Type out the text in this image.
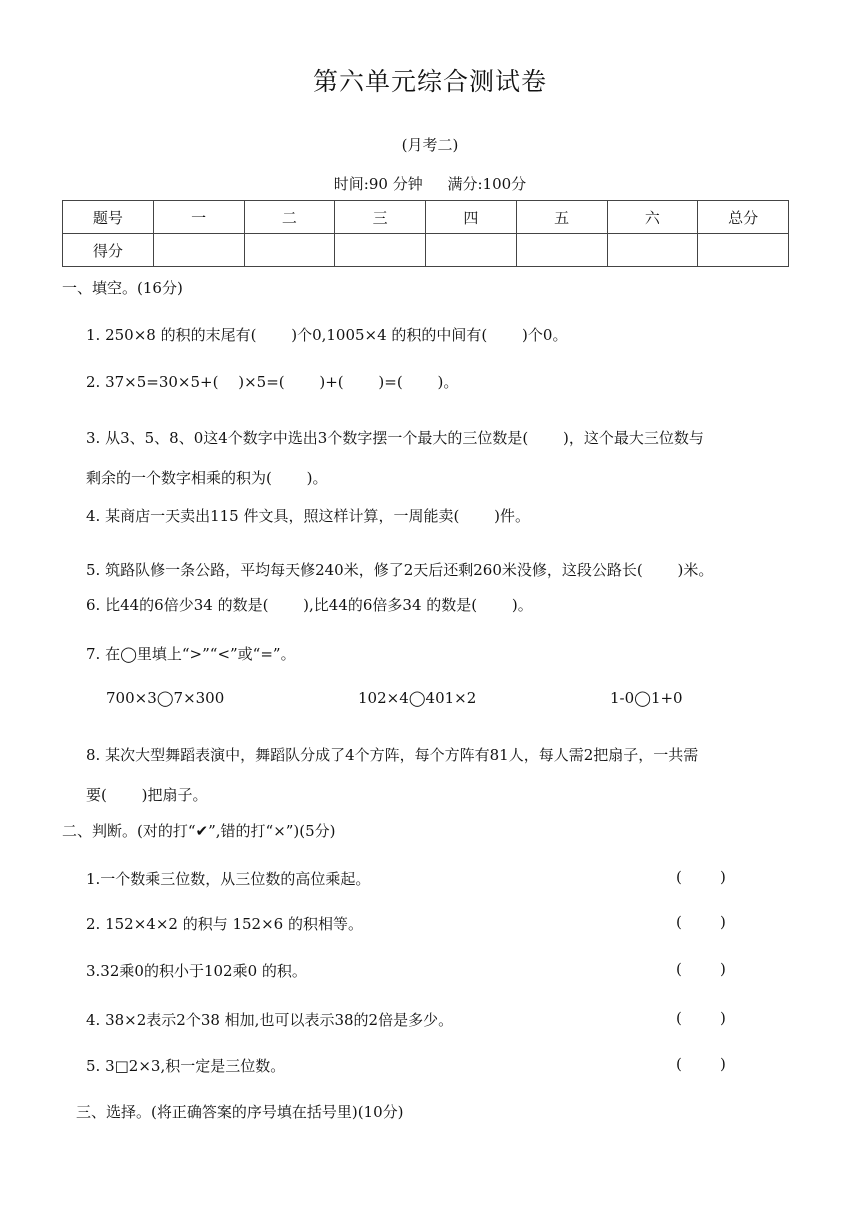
第六单元综合测试卷
(月考二)
时间:90 分钟 满分:100分
题号	一	二	三	四	五	六	总分
得分							
一、填空。(16分)
1. 250×8 的积的末尾有(　　 )个0,1005×4 的积的中间有(　　 )个0。
2. 37×5=30×5+(　 )×5=(　　 )+(　　 )=(　　 )。
3. 从3、5、8、0这4个数字中选出3个数字摆一个最大的三位数是(　　 )，这个最大三位数与
剩余的一个数字相乘的积为(　　 )。
4. 某商店一天卖出115 件文具，照这样计算，一周能卖(　　 )件。
5. 筑路队修一条公路，平均每天修240米，修了2天后还剩260米没修，这段公路长(　　 )米。
6. 比44的6倍少34 的数是(　　 ),比44的6倍多34 的数是(　　 )。
7. 在◯里填上“>”“<”或“=”。
700×3◯7×300	102×4◯401×2	1-0◯1+0
8. 某次大型舞蹈表演中，舞蹈队分成了4个方阵，每个方阵有81人，每人需2把扇子，一共需
要(　　 )把扇子。
二、判断。(对的打“✔”,错的打“×”)(5分)
1.一个数乘三位数，从三位数的高位乘起。	(	)
2. 152×4×2 的积与 152×6 的积相等。	(	)
3.32乘0的积小于102乘0 的积。	(	)
4. 38×2表示2个38 相加,也可以表示38的2倍是多少。	(	)
5. 3□2×3,积一定是三位数。	(	)
三、选择。(将正确答案的序号填在括号里)(10分)
